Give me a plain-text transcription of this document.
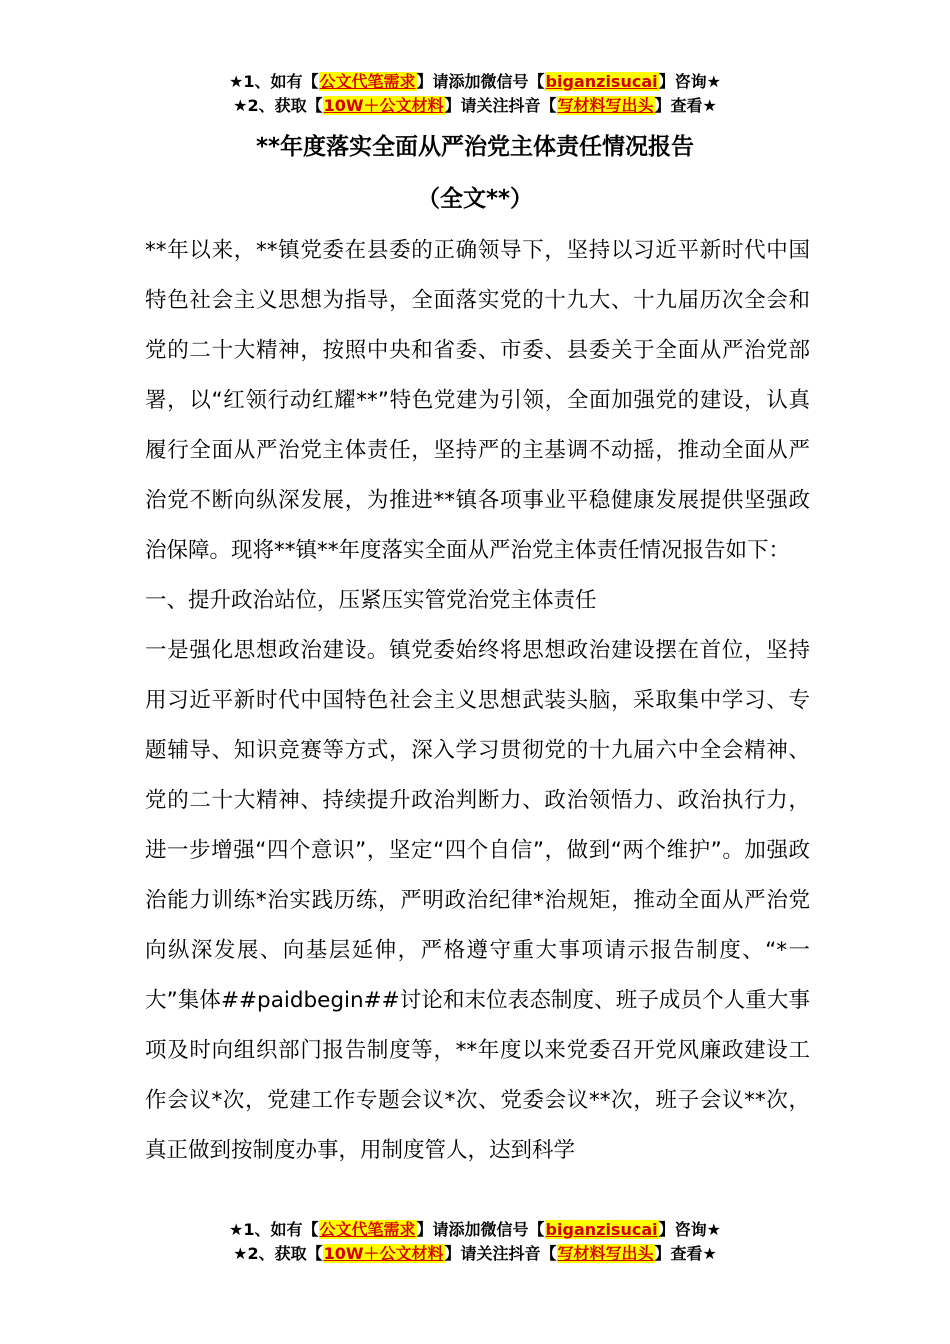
★1、如有【公文代笔需求】请添加微信号【biganzisucai】咨询★
★2、获取【10W＋公文材料】请关注抖音【写材料写出头】查看★
**年度落实全面从严治党主体责任情况报告
（全文**）

**年以来，**镇党委在县委的正确领导下，坚持以习近平新时代中国特色社会主义思想为指导，全面落实党的十九大、十九届历次全会和党的二十大精神，按照中央和省委、市委、县委关于全面从严治党部署，以“红领行动红耀**”特色党建为引领，全面加强党的建设，认真履行全面从严治党主体责任，坚持严的主基调不动摇，推动全面从严治党不断向纵深发展，为推进**镇各项事业平稳健康发展提供坚强政治保障。现将**镇**年度落实全面从严治党主体责任情况报告如下：

一、提升政治站位，压紧压实管党治党主体责任

一是强化思想政治建设。镇党委始终将思想政治建设摆在首位，坚持用习近平新时代中国特色社会主义思想武装头脑，采取集中学习、专题辅导、知识竞赛等方式，深入学习贯彻党的十九届六中全会精神、党的二十大精神、持续提升政治判断力、政治领悟力、政治执行力，进一步增强“四个意识”，坚定“四个自信”，做到“两个维护”。加强政治能力训练*治实践历练，严明政治纪律*治规矩，推动全面从严治党向纵深发展、向基层延伸，严格遵守重大事项请示报告制度、“*一大”集体##paidbegin##讨论和末位表态制度、班子成员个人重大事项及时向组织部门报告制度等，**年度以来党委召开党风廉政建设工作会议*次，党建工作专题会议*次、党委会议**次，班子会议**次，真正做到按制度办事，用制度管人，达到科学

★1、如有【公文代笔需求】请添加微信号【biganzisucai】咨询★
★2、获取【10W＋公文材料】请关注抖音【写材料写出头】查看★
